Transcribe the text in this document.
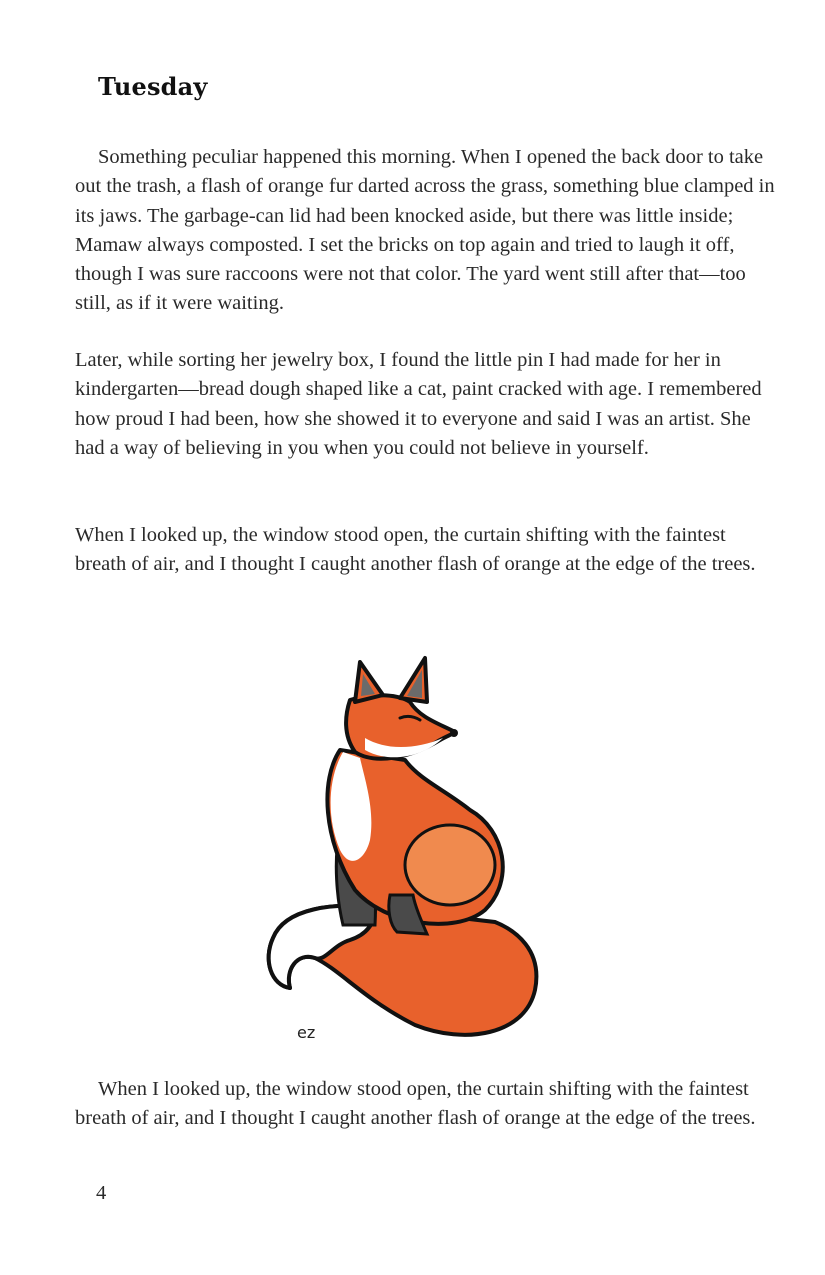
Tuesday

Something peculiar happened this morning. When I opened the back door to take out the trash, a flash of orange fur darted across the grass, something blue clamped in its jaws. The garbage-can lid had been knocked aside, but there was little inside; Mamaw always composted. I set the bricks on top again and tried to laugh it off, though I was sure raccoons were not that color. The yard went still after that—too still, as if it were waiting.

Later, while sorting her jewelry box, I found the little pin I had made for her in kindergarten—bread dough shaped like a cat, paint cracked with age. I remembered how proud I had been, how she showed it to everyone and said I was an artist. She had a way of believing in you when you could not believe in yourself.

When I looked up, the window stood open, the curtain shifting with the faintest breath of air, and I thought I caught another flash of orange at the edge of the trees.

ez

When I looked up, the window stood open, the curtain shifting with the faintest breath of air, and I thought I caught another flash of orange at the edge of the trees.

4
